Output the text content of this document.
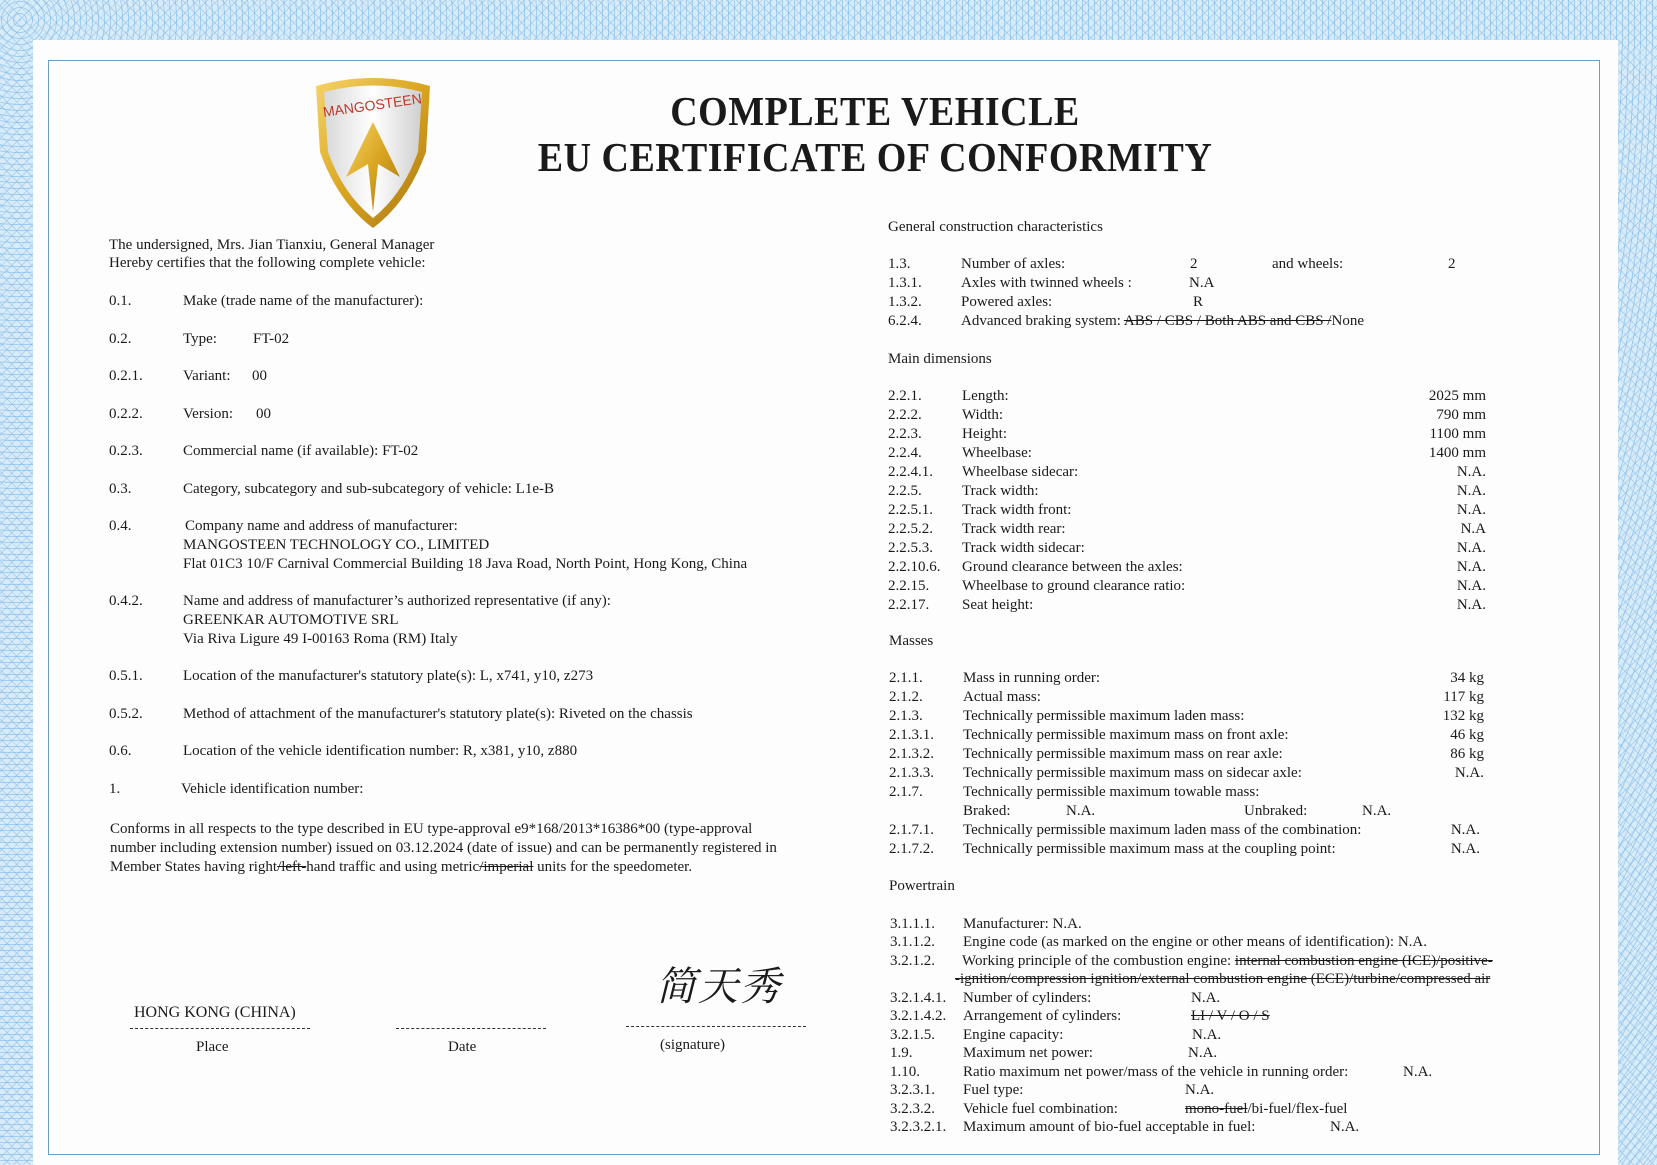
MANGOSTEEN	COMPLETE VEHICLE
EU CERTIFICATE OF CONFORMITY
The undersigned, Mrs. Jian Tianxiu, General Manager
Hereby certifies that the following complete vehicle:
0.1.	Make (trade name of the manufacturer):
0.2.	Type: FT-02
0.2.1.	Variant: 00
0.2.2.	Version: 00
0.2.3.	Commercial name (if available): FT-02
0.3.	Category, subcategory and sub-subcategory of vehicle: L1e-B
0.4.	Company name and address of manufacturer:
MANGOSTEEN TECHNOLOGY CO., LIMITED
Flat 01C3 10/F Carnival Commercial Building 18 Java Road, North Point, Hong Kong, China
0.4.2.	Name and address of manufacturer’s authorized representative (if any):
GREENKAR AUTOMOTIVE SRL
Via Riva Ligure 49 I-00163 Roma (RM) Italy
0.5.1.	Location of the manufacturer's statutory plate(s): L, x741, y10, z273
0.5.2.	Method of attachment of the manufacturer's statutory plate(s): Riveted on the chassis
0.6.	Location of the vehicle identification number: R, x381, y10, z880
1.	Vehicle identification number:
Conforms in all respects to the type described in EU type-approval e9*168/2013*16386*00 (type-approval
number including extension number) issued on 03.12.2024 (date of issue) and can be permanently registered in
Member States having right/left-hand traffic and using metric/imperial units for the speedometer.
HONG KONG (CHINA)
Place	Date
简天秀
(signature)
General construction characteristics
1.3.	Number of axles:	2	and wheels:	2
1.3.1.	Axles with twinned wheels :	N.A
1.3.2.	Powered axles:	R
6.2.4.	Advanced braking system: ABS / CBS / Both ABS and CBS /None
Main dimensions
2.2.1.	Length:	2025 mm
2.2.2.	Width:	790 mm
2.2.3.	Height:	1100 mm
2.2.4.	Wheelbase:	1400 mm
2.2.4.1. Wheelbase sidecar:	N.A.
2.2.5.	Track width:	N.A.
2.2.5.1. Track width front:	N.A.
2.2.5.2. Track width rear:	N.A
2.2.5.3. Track width sidecar:	N.A.
2.2.10.6. Ground clearance between the axles:	N.A.
2.2.15. Wheelbase to ground clearance ratio:	N.A.
2.2.17. Seat height:	N.A.
Masses
2.1.1.	Mass in running order:	34 kg
2.1.2.	Actual mass:	117 kg
2.1.3.	Technically permissible maximum laden mass:	132 kg
2.1.3.1. Technically permissible maximum mass on front axle:	46 kg
2.1.3.2. Technically permissible maximum mass on rear axle:	86 kg
2.1.3.3. Technically permissible maximum mass on sidecar axle:	N.A.
2.1.7.	Technically permissible maximum towable mass:
Braked:	N.A.	Unbraked:	N.A.
2.1.7.1. Technically permissible maximum laden mass of the combination:	N.A.
2.1.7.2. Technically permissible maximum mass at the coupling point:	N.A.
Powertrain
3.1.1.1. Manufacturer: N.A.
3.1.1.2. Engine code (as marked on the engine or other means of identification): N.A.
3.2.1.2. Working principle of the combustion engine: internal combustion engine (ICE)/positive-
-ignition/compression ignition/external combustion engine (ECE)/turbine/compressed air
3.2.1.4.1. Number of cylinders:	N.A.
3.2.1.4.2. Arrangement of cylinders:	LI / V / O / S
3.2.1.5. Engine capacity:	N.A.
1.9.	Maximum net power:	N.A.
1.10.	Ratio maximum net power/mass of the vehicle in running order:	N.A.
3.2.3.1. Fuel type:	N.A.
3.2.3.2. Vehicle fuel combination:	mono-fuel/bi-fuel/flex-fuel
3.2.3.2.1. Maximum amount of bio-fuel acceptable in fuel:	N.A.
